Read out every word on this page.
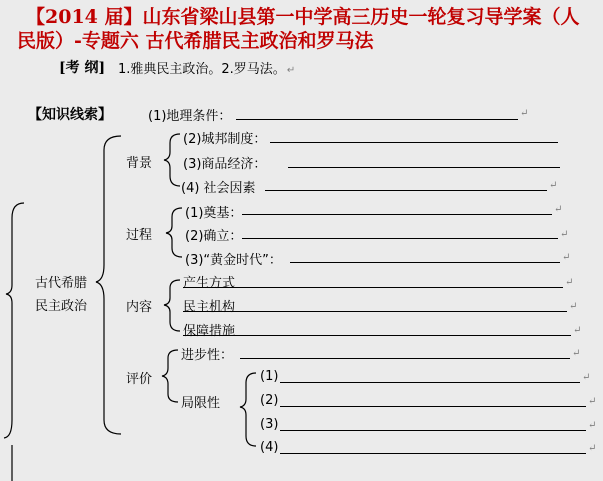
【2014 届】山东省梁山县第一中学高三历史一轮复习导学案（人
民版）-专题六 古代希腊民主政治和罗马法
[考 纲] 1.雅典民主政治。2.罗马法。↵
【知识线索】	(1)地理条件：	↵
古代希腊
民主政治
背景
(2)城邦制度：
(3)商品经济：
(4) 社会因素	↵
过程
(1)奠基：	↵
(2)确立：	↵
(3)“黄金时代”：	↵
内容
产生方式	↵
民主机构	↵
保障措施	↵
评价
进步性：	↵
局限性
(1)	↵
(2)	↵
(3)	↵
(4)	↵
